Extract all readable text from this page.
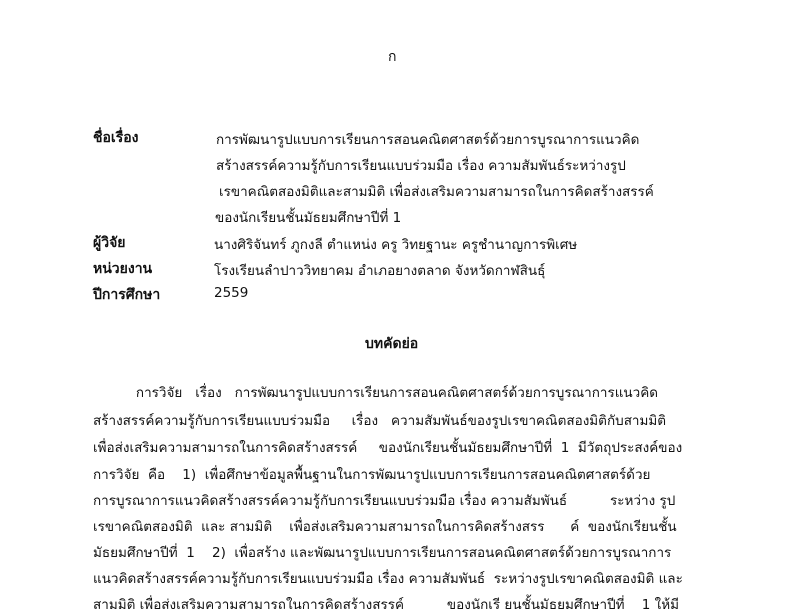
ก
ชื่อเรื่อง	การพัฒนารูปแบบการเรียนการสอนคณิตศาสตร์ด้วยการบูรณาการแนวคิด
สร้างสรรค์ความรู้กับการเรียนแบบร่วมมือ เรื่อง ความสัมพันธ์ระหว่างรูป
เรขาคณิตสองมิติและสามมิติ เพื่อส่งเสริมความสามารถในการคิดสร้างสรรค์
ของนักเรียนชั้นมัธยมศึกษาปีที่ 1
ผู้วิจัย	นางศิริจันทร์ ภูกงลี ตำแหน่ง ครู วิทยฐานะ ครูชำนาญการพิเศษ
หน่วยงาน	โรงเรียนลำปาววิทยาคม อำเภอยางตลาด จังหวัดกาฬสินธุ์
ปีการศึกษา	2559
บทคัดย่อ
การวิจัย   เรื่อง   การพัฒนารูปแบบการเรียนการสอนคณิตศาสตร์ด้วยการบูรณาการแนวคิด
สร้างสรรค์ความรู้กับการเรียนแบบร่วมมือ     เรื่อง   ความสัมพันธ์ของรูปเรขาคณิตสองมิติกับสามมิติ
เพื่อส่งเสริมความสามารถในการคิดสร้างสรรค์     ของนักเรียนชั้นมัธยมศึกษาปีที่  1  มีวัตถุประสงค์ของ
การวิจัย  คือ    1)  เพื่อศึกษาข้อมูลพื้นฐานในการพัฒนารูปแบบการเรียนการสอนคณิตศาสตร์ด้วย
การบูรณาการแนวคิดสร้างสรรค์ความรู้กับการเรียนแบบร่วมมือ เรื่อง ความสัมพันธ์          ระหว่าง รูป
เรขาคณิตสองมิติ  และ สามมิติ    เพื่อส่งเสริมความสามารถในการคิดสร้างสรร      ค์  ของนักเรียนชั้น
มัธยมศึกษาปีที่  1    2)  เพื่อสร้าง และพัฒนารูปแบบการเรียนการสอนคณิตศาสตร์ด้วยการบูรณาการ
แนวคิดสร้างสรรค์ความรู้กับการเรียนแบบร่วมมือ เรื่อง ความสัมพันธ์  ระหว่างรูปเรขาคณิตสองมิติ และ
สามมิติ เพื่อส่งเสริมความสามารถในการคิดสร้างสรรค์          ของนักเรี ยนชั้นมัธยมศึกษาปีที่    1 ให้มี
